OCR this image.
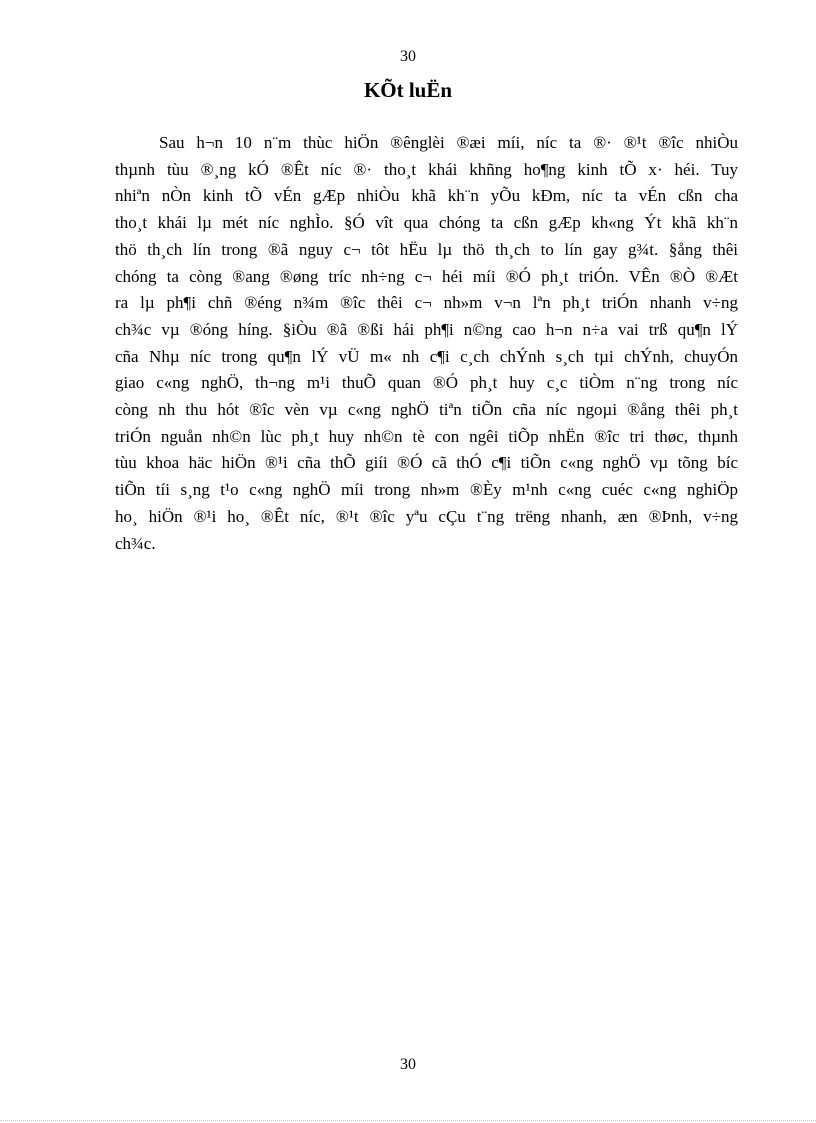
30
KÕt luËn
Sau h¬n 10 n¨m thùc hiÖn ®ênglèi ®æi míi, níc ta ®· ®¹t ®îc nhiÒu
thµnh tùu ®¸ng kÓ ®Êt níc ®· tho¸t khái khñng ho¶ng kinh tÕ x· héi. Tuy
nhiªn nÒn kinh tÕ vÉn gÆp nhiÒu khã kh¨n yÕu kÐm, níc ta vÉn cßn cha
tho¸t khái lµ mét níc nghÌo. §Ó vît qua chóng ta cßn gÆp kh«ng Ýt khã kh¨n
thö th¸ch lín trong ®ã nguy c¬ tôt hËu lµ thö th¸ch to lín gay g¾t. §ång thêi
chóng ta còng ®ang ®øng tríc nh÷ng c¬ héi míi ®Ó ph¸t triÓn. VÊn ®Ò ®Æt
ra lµ ph¶i chñ ®éng n¾m ®îc thêi c¬ nh»m v¬n lªn ph¸t triÓn nhanh v÷ng
ch¾c vµ ®óng híng. §iÒu ®ã ®ßi hái ph¶i n©ng cao h¬n n÷a vai trß qu¶n lÝ
cña Nhµ níc trong qu¶n lÝ vÜ m« nh c¶i c¸ch chÝnh s¸ch tµi chÝnh, chuyÓn
giao c«ng nghÖ, th¬ng m¹i thuÕ quan ®Ó ph¸t huy c¸c tiÒm n¨ng trong níc
còng nh thu hót ®îc vèn vµ c«ng nghÖ tiªn tiÕn cña níc ngoµi ®ång thêi ph¸t
triÓn nguån nh©n lùc ph¸t huy nh©n tè con ngêi tiÕp nhËn ®îc tri thøc, thµnh
tùu khoa häc hiÖn ®¹i cña thÕ giíi ®Ó cã thÓ c¶i tiÕn c«ng nghÖ vµ tõng bíc
tiÕn tíi s¸ng t¹o c«ng nghÖ míi trong nh»m ®Èy m¹nh c«ng cuéc c«ng nghiÖp
ho¸ hiÖn ®¹i ho¸ ®Êt níc, ®¹t ®îc yªu cÇu t¨ng trëng nhanh, æn ®Þnh, v÷ng
ch¾c.
30
